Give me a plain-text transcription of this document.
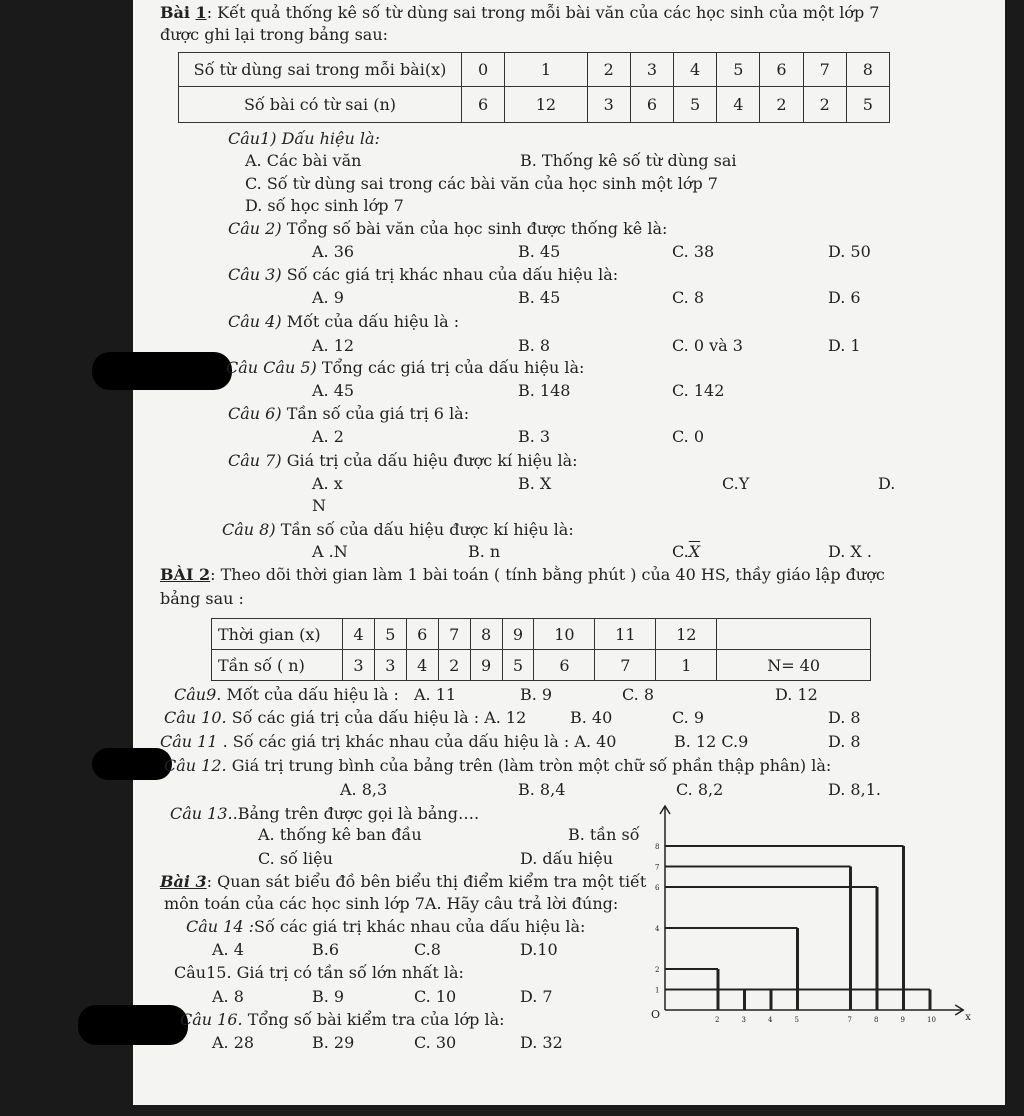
Bài 1: Kết quả thống kê số từ dùng sai trong mỗi bài văn của các học sinh của một lớp 7
được ghi lại trong bảng sau:
Số từ dùng sai trong mỗi bài(x)	0	1	2	3	4	5	6	7	8
Số bài có từ sai (n)	6	12	3	6	5	4	2	2	5
Câu1) Dấu hiệu là:
A. Các bài văn	B. Thống kê số từ dùng sai
C. Số từ dùng sai trong các bài văn của học sinh một lớp 7
D. số học sinh lớp 7
Câu 2) Tổng số bài văn của học sinh được thống kê là:
A. 36	B. 45	C. 38	D. 50
Câu 3) Số các giá trị khác nhau của dấu hiệu là:
A. 9	B. 45	C. 8	D. 6
Câu 4) Mốt của dấu hiệu là :
A. 12	B. 8	C. 0 và 3	D. 1
Câu Câu 5) Tổng các giá trị của dấu hiệu là:
A. 45	B. 148	C. 142
Câu 6) Tần số của giá trị 6 là:
A. 2	B. 3	C. 0
Câu 7) Giá trị của dấu hiệu được kí hiệu là:
A. x	B. X	C.Y	D.
N
Câu 8) Tần số của dấu hiệu được kí hiệu là:
A .N	B. n	$C.\overline{X}$	D. X .
BÀI 2: Theo dõi thời gian làm 1 bài toán ( tính bằng phút ) của 40 HS, thầy giáo lập được
bảng sau :
Thời gian (x)	4	5	6	7	8	9	10	11	12	
Tần số ( n)	3	3	4	2	9	5	6	7	1	N= 40
Câu9. Mốt của dấu hiệu là : A. 11	B. 9	C. 8	D. 12
Câu 10. Số các giá trị của dấu hiệu là : A. 12	B. 40	C. 9	D. 8
Câu 11 . Số các giá trị khác nhau của dấu hiệu là : A. 40	B. 12 C.9	D. 8
Câu 12. Giá trị trung bình của bảng trên (làm tròn một chữ số phần thập phân) là:
A. 8,3	B. 8,4	C. 8,2	D. 8,1.
Câu 13..Bảng trên được gọi là bảng….
A. thống kê ban đầu	B. tần số
C. số liệu	D. dấu hiệu
Bài 3: Quan sát biểu đồ bên biểu thị điểm kiểm tra một tiết
môn toán của các học sinh lớp 7A. Hãy câu trả lời đúng:
Câu 14 :Số các giá trị khác nhau của dấu hiệu là:
A. 4	B.6	C.8	D.10
Câu15. Giá trị có tần số lớn nhất là:
A. 8	B. 9	C. 10	D. 7
Câu 16. Tổng số bài kiểm tra của lớp là:
A. 28	B. 29	C. 30	D. 32
O	x
2	3	4	5	7	8	9	10
1
2
4
6
7
8
